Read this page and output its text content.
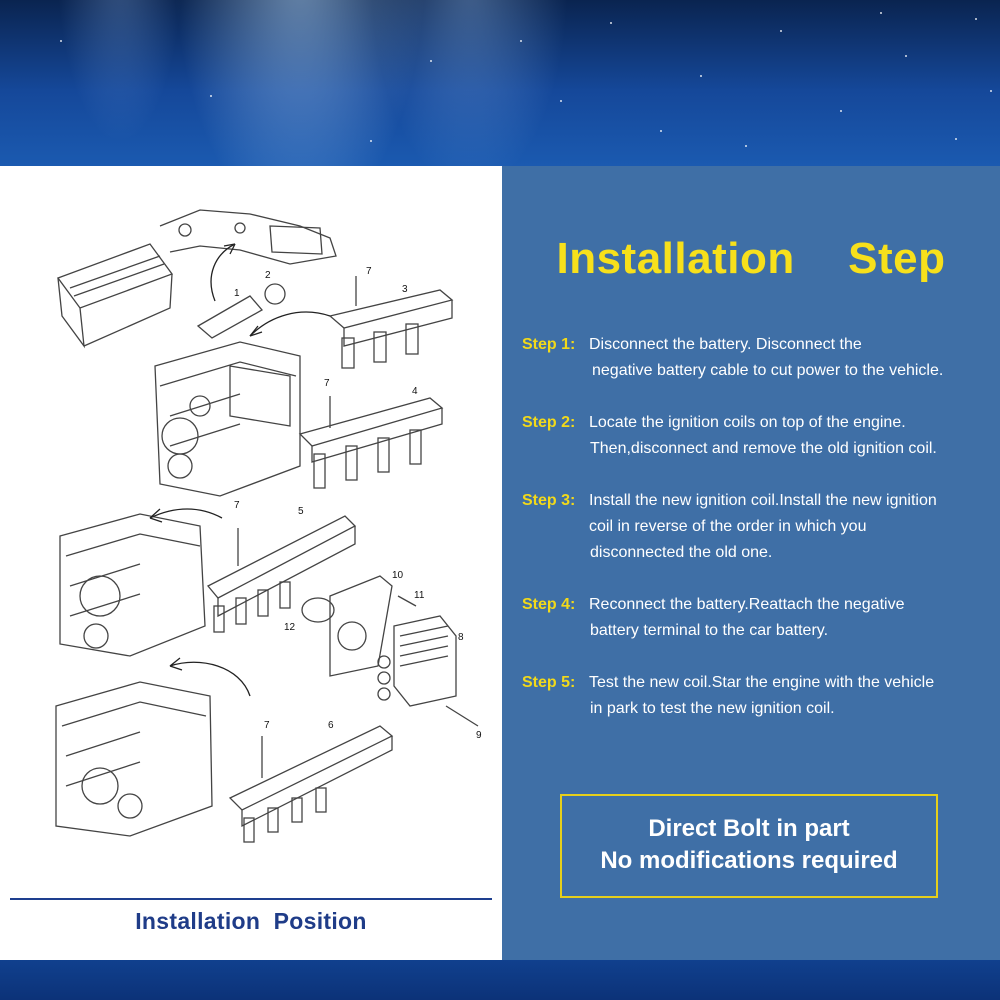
1
2
3
7
4
7
7
5
10
11
8
12
9
7	6
Installation  Position
Installation  Step
Step 1: Disconnect the battery. Disconnect the
negative battery cable to cut power to the vehicle.
Step 2: Locate the ignition coils on top of the engine.
Then,disconnect and remove the old ignition coil.
Step 3: Install the new ignition coil.Install the new ignition
coil in reverse of the order in which you
disconnected the old one.
Step 4: Reconnect the battery.Reattach the negative
battery terminal to the car battery.
Step 5: Test the new coil.Star the engine with the vehicle
in park to test the new ignition coil.
Direct Bolt in part
No modifications required
